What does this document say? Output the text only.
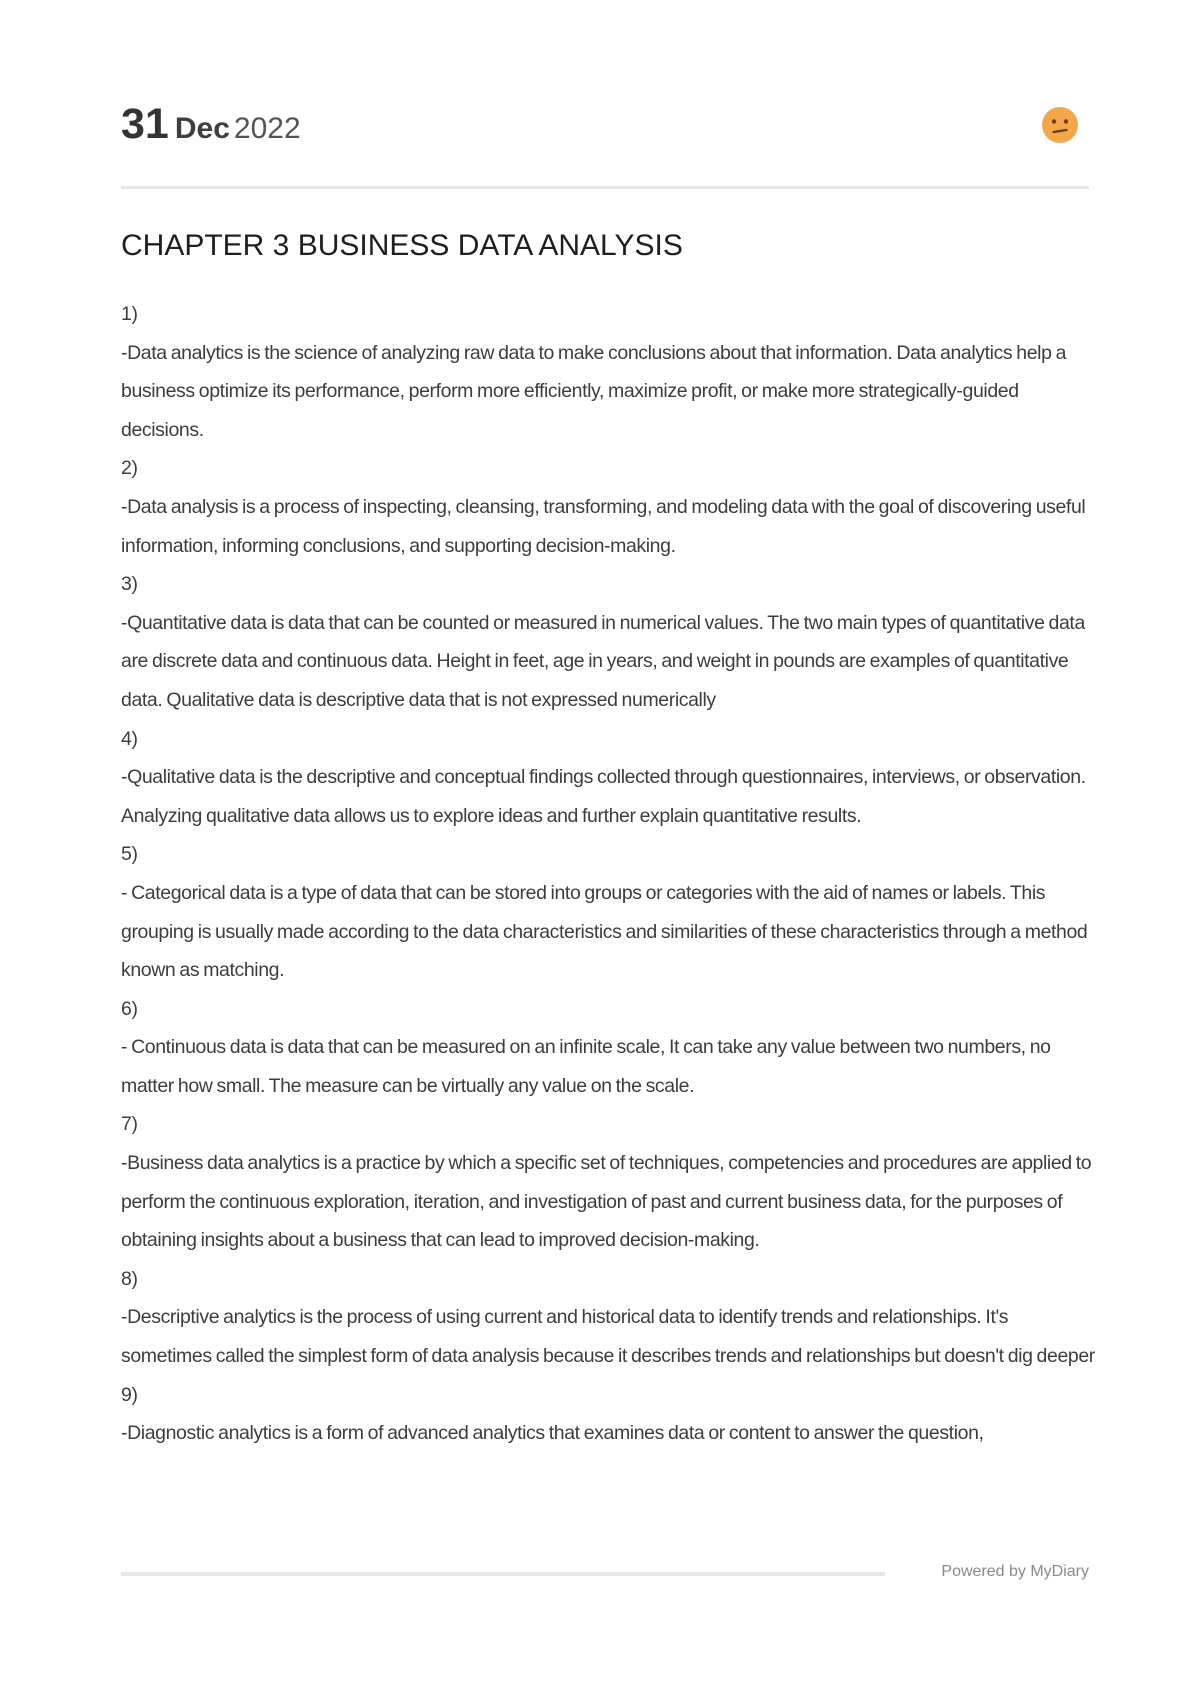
31 Dec 2022
CHAPTER 3 BUSINESS DATA ANALYSIS

1)

-Data analytics is the science of analyzing raw data to make conclusions about that information. Data analytics help a business optimize its performance, perform more efficiently, maximize profit, or make more strategically-guided decisions.

2)

-Data analysis is a process of inspecting, cleansing, transforming, and modeling data with the goal of discovering useful information, informing conclusions, and supporting decision-making.

3)

-Quantitative data is data that can be counted or measured in numerical values. The two main types of quantitative data are discrete data and continuous data. Height in feet, age in years, and weight in pounds are examples of quantitative data. Qualitative data is descriptive data that is not expressed numerically

4)

-Qualitative data is the descriptive and conceptual findings collected through questionnaires, interviews, or observation. Analyzing qualitative data allows us to explore ideas and further explain quantitative results.

5)

- Categorical data is a type of data that can be stored into groups or categories with the aid of names or labels. This grouping is usually made according to the data characteristics and similarities of these characteristics through a method known as matching.

6)

- Continuous data is data that can be measured on an infinite scale, It can take any value between two numbers, no matter how small. The measure can be virtually any value on the scale.

7)

-Business data analytics is a practice by which a specific set of techniques, competencies and procedures are applied to perform the continuous exploration, iteration, and investigation of past and current business data, for the purposes of obtaining insights about a business that can lead to improved decision-making.

8)

-Descriptive analytics is the process of using current and historical data to identify trends and relationships. It's sometimes called the simplest form of data analysis because it describes trends and relationships but doesn't dig deeper

9)

-Diagnostic analytics is a form of advanced analytics that examines data or content to answer the question,

Powered by MyDiary
